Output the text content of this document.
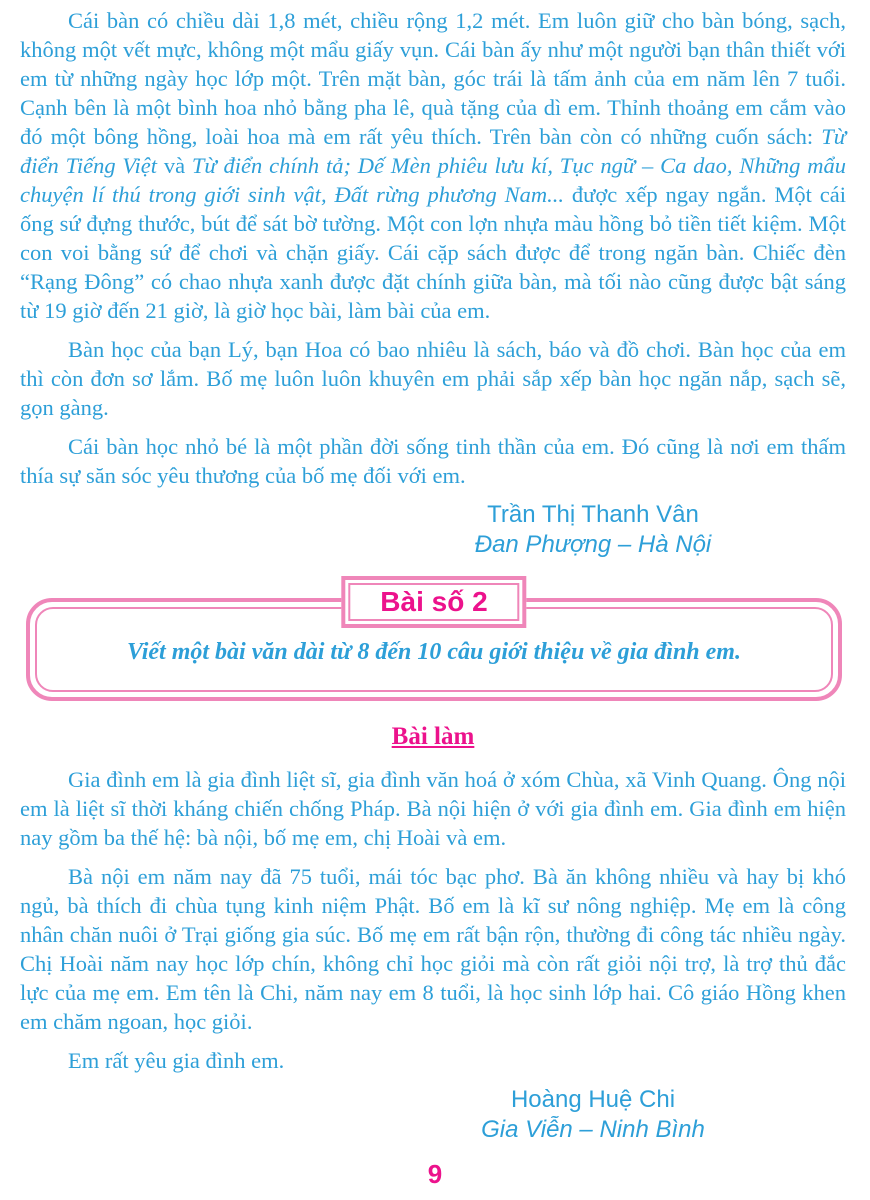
Cái bàn có chiều dài 1,8 mét, chiều rộng 1,2 mét. Em luôn giữ cho bàn bóng, sạch, không một vết mực, không một mẩu giấy vụn. Cái bàn ấy như một người bạn thân thiết với em từ những ngày học lớp một. Trên mặt bàn, góc trái là tấm ảnh của em năm lên 7 tuổi. Cạnh bên là một bình hoa nhỏ bằng pha lê, quà tặng của dì em. Thỉnh thoảng em cắm vào đó một bông hồng, loài hoa mà em rất yêu thích. Trên bàn còn có những cuốn sách: Từ điển Tiếng Việt và Từ điển chính tả; Dế Mèn phiêu lưu kí, Tục ngữ – Ca dao, Những mẩu chuyện lí thú trong giới sinh vật, Đất rừng phương Nam... được xếp ngay ngắn. Một cái ống sứ đựng thước, bút để sát bờ tường. Một con lợn nhựa màu hồng bỏ tiền tiết kiệm. Một con voi bằng sứ để chơi và chặn giấy. Cái cặp sách được để trong ngăn bàn. Chiếc đèn “Rạng Đông” có chao nhựa xanh được đặt chính giữa bàn, mà tối nào cũng được bật sáng từ 19 giờ đến 21 giờ, là giờ học bài, làm bài của em.

Bàn học của bạn Lý, bạn Hoa có bao nhiêu là sách, báo và đồ chơi. Bàn học của em thì còn đơn sơ lắm. Bố mẹ luôn luôn khuyên em phải sắp xếp bàn học ngăn nắp, sạch sẽ, gọn gàng.

Cái bàn học nhỏ bé là một phần đời sống tinh thần của em. Đó cũng là nơi em thấm thía sự săn sóc yêu thương của bố mẹ đối với em.

Trần Thị Thanh Vân
Đan Phượng – Hà Nội
Bài số 2

Viết một bài văn dài từ 8 đến 10 câu giới thiệu về gia đình em.

Bài làm

Gia đình em là gia đình liệt sĩ, gia đình văn hoá ở xóm Chùa, xã Vinh Quang. Ông nội em là liệt sĩ thời kháng chiến chống Pháp. Bà nội hiện ở với gia đình em. Gia đình em hiện nay gồm ba thế hệ: bà nội, bố mẹ em, chị Hoài và em.

Bà nội em năm nay đã 75 tuổi, mái tóc bạc phơ. Bà ăn không nhiều và hay bị khó ngủ, bà thích đi chùa tụng kinh niệm Phật. Bố em là kĩ sư nông nghiệp. Mẹ em là công nhân chăn nuôi ở Trại giống gia súc. Bố mẹ em rất bận rộn, thường đi công tác nhiều ngày. Chị Hoài năm nay học lớp chín, không chỉ học giỏi mà còn rất giỏi nội trợ, là trợ thủ đắc lực của mẹ em. Em tên là Chi, năm nay em 8 tuổi, là học sinh lớp hai. Cô giáo Hồng khen em chăm ngoan, học giỏi.

Em rất yêu gia đình em.

Hoàng Huệ Chi
Gia Viễn – Ninh Bình
9
